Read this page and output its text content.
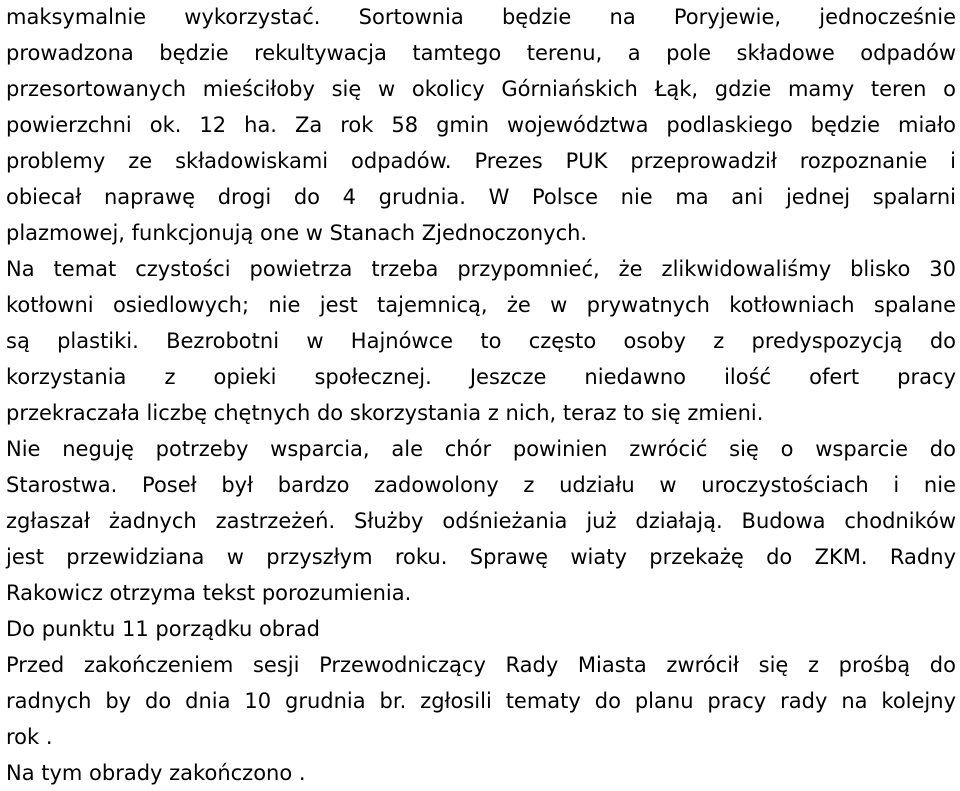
maksymalnie wykorzystać. Sortownia będzie na Poryjewie, jednocześnie
prowadzona będzie rekultywacja tamtego terenu, a pole składowe odpadów
przesortowanych mieściłoby się w okolicy Górniańskich Łąk, gdzie mamy teren o
powierzchni ok. 12 ha. Za rok 58 gmin województwa podlaskiego będzie miało
problemy ze składowiskami odpadów. Prezes PUK przeprowadził rozpoznanie i
obiecał naprawę drogi do 4 grudnia. W Polsce nie ma ani jednej spalarni
plazmowej, funkcjonują one w Stanach Zjednoczonych.
Na temat czystości powietrza trzeba przypomnieć, że zlikwidowaliśmy blisko 30
kotłowni osiedlowych; nie jest tajemnicą, że w prywatnych kotłowniach spalane
są plastiki. Bezrobotni w Hajnówce to często osoby z predyspozycją do
korzystania z opieki społecznej. Jeszcze niedawno ilość ofert pracy
przekraczała liczbę chętnych do skorzystania z nich, teraz to się zmieni.
Nie neguję potrzeby wsparcia, ale chór powinien zwrócić się o wsparcie do
Starostwa. Poseł był bardzo zadowolony z udziału w uroczystościach i nie
zgłaszał żadnych zastrzeżeń. Służby odśnieżania już działają. Budowa chodników
jest przewidziana w przyszłym roku. Sprawę wiaty przekażę do ZKM. Radny
Rakowicz otrzyma tekst porozumienia.
Do punktu 11 porządku obrad
Przed zakończeniem sesji Przewodniczący Rady Miasta zwrócił się z prośbą do
radnych by do dnia 10 grudnia br. zgłosili tematy do planu pracy rady na kolejny
rok .
Na tym obrady zakończono .
